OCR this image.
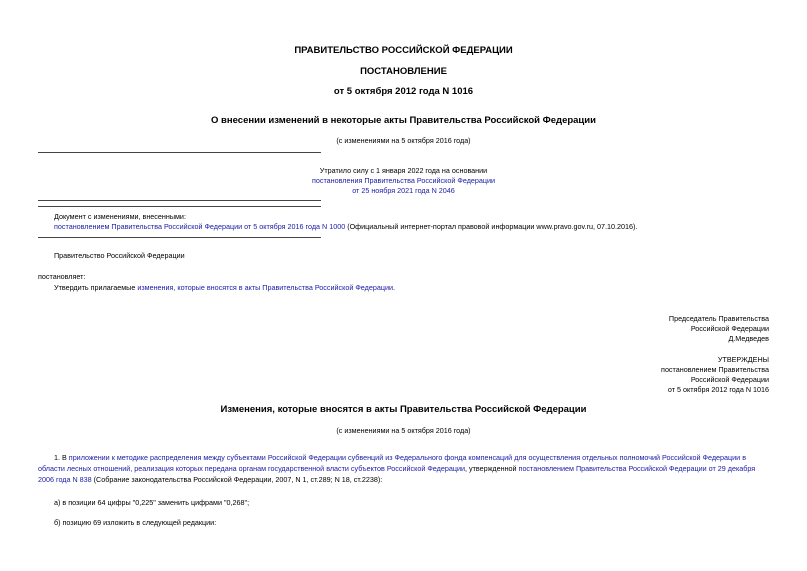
ПРАВИТЕЛЬСТВО РОССИЙСКОЙ ФЕДЕРАЦИИ
ПОСТАНОВЛЕНИЕ
от 5 октября 2012 года N 1016
О внесении изменений в некоторые акты Правительства Российской Федерации
(с изменениями на 5 октября 2016 года)
Утратило силу с 1 января 2022 года на основании
постановления Правительства Российской Федерации
от 25 ноября 2021 года N 2046
Документ с изменениями, внесенными:
постановлением Правительства Российской Федерации от 5 октября 2016 года N 1000 (Официальный интернет-портал правовой информации www.pravo.gov.ru, 07.10.2016).
Правительство Российской Федерации
постановляет:
Утвердить прилагаемые изменения, которые вносятся в акты Правительства Российской Федерации.
Председатель Правительства
Российской Федерации
Д.Медведев
УТВЕРЖДЕНЫ
постановлением Правительства
Российской Федерации
от 5 октября 2012 года N 1016
Изменения, которые вносятся в акты Правительства Российской Федерации
(с изменениями на 5 октября 2016 года)
1. В приложении к методике распределения между субъектами Российской Федерации субвенций из Федерального фонда компенсаций для осуществления отдельных полномочий Российской Федерации в области лесных отношений, реализация которых передана органам государственной власти субъектов Российской Федерации, утвержденной постановлением Правительства Российской Федерации от 29 декабря 2006 года N 838 (Собрание законодательства Российской Федерации, 2007, N 1, ст.289; N 18, ст.2238):
а) в позиции 64 цифры "0,225" заменить цифрами "0,268";
б) позицию 69 изложить в следующей редакции:
